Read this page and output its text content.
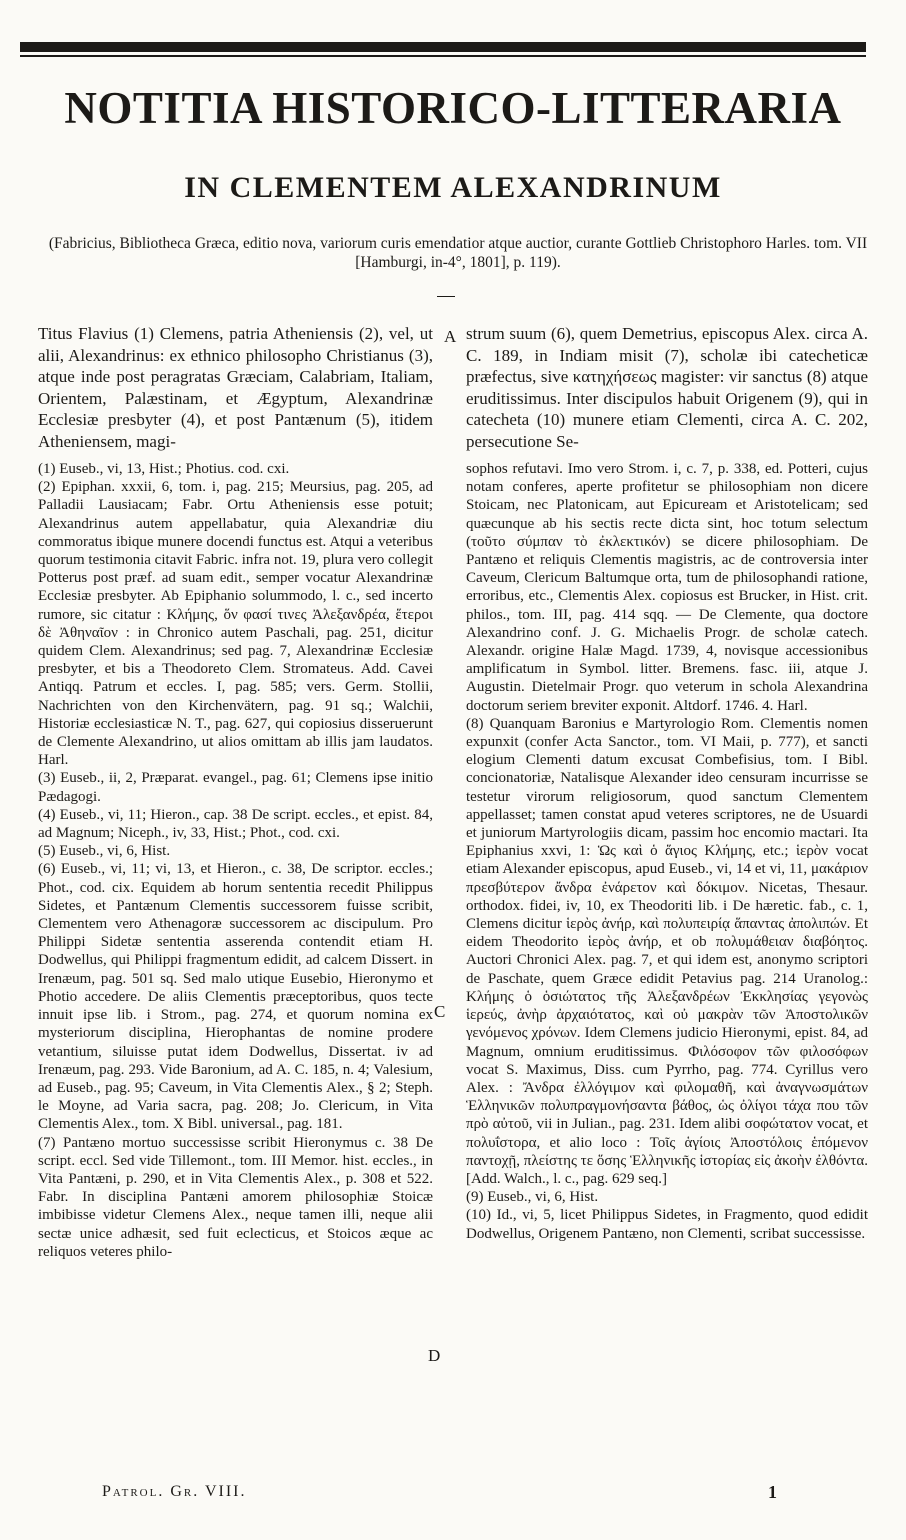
NOTITIA HISTORICO-LITTERARIA
IN CLEMENTEM ALEXANDRINUM
(Fabricius, Bibliotheca Græca, editio nova, variorum curis emendatior atque auctior, curante Gottlieb Christophoro Harles. tom. VII [Hamburgi, in-4°, 1801], p. 119).

Titus Flavius (1) Clemens, patria Atheniensis (2), vel, ut alii, Alexandrinus: ex ethnico philosopho Christianus (3), atque inde post peragratas Græciam, Calabriam, Italiam, Orientem, Palæstinam, et Ægyptum, Alexandrinæ Ecclesiæ presbyter (4), et post Pantænum (5), itidem Atheniensem, magi-

(1) Euseb., vi, 13, Hist.; Photius. cod. cxi.

(2) Epiphan. xxxii, 6, tom. i, pag. 215; Meursius, pag. 205, ad Palladii Lausiacam; Fabr. Ortu Atheniensis esse potuit; Alexandrinus autem appellabatur, quia Alexandriæ diu commoratus ibique munere docendi functus est. Atqui a veteribus quorum testimonia citavit Fabric. infra not. 19, plura vero collegit Potterus post præf. ad suam edit., semper vocatur Alexandrinæ Ecclesiæ presbyter. Ab Epiphanio solummodo, l. c., sed incerto rumore, sic citatur : Κλήμης, ὅν φασί τινες Ἀλεξανδρέα, ἕτεροι δὲ Ἀθηναῖον : in Chronico autem Paschali, pag. 251, dicitur quidem Clem. Alexandrinus; sed pag. 7, Alexandrinæ Ecclesiæ presbyter, et bis a Theodoreto Clem. Stromateus. Add. Cavei Antiqq. Patrum et eccles. I, pag. 585; vers. Germ. Stollii, Nachrichten von den Kirchenvätern, pag. 91 sq.; Walchii, Historiæ ecclesiasticæ N. T., pag. 627, qui copiosius disseruerunt de Clemente Alexandrino, ut alios omittam ab illis jam laudatos. Harl.

(3) Euseb., ii, 2, Præparat. evangel., pag. 61; Clemens ipse initio Pædagogi.

(4) Euseb., vi, 11; Hieron., cap. 38 De script. eccles., et epist. 84, ad Magnum; Niceph., iv, 33, Hist.; Phot., cod. cxi.

(5) Euseb., vi, 6, Hist.

(6) Euseb., vi, 11; vi, 13, et Hieron., c. 38, De scriptor. eccles.; Phot., cod. cix. Equidem ab horum sententia recedit Philippus Sidetes, et Pantænum Clementis successorem fuisse scribit, Clementem vero Athenagoræ successorem ac discipulum. Pro Philippi Sidetæ sententia asserenda contendit etiam H. Dodwellus, qui Philippi fragmentum edidit, ad calcem Dissert. in Irenæum, pag. 501 sq. Sed malo utique Eusebio, Hieronymo et Photio accedere. De aliis Clementis præceptoribus, quos tecte innuit ipse lib. i Strom., pag. 274, et quorum nomina ex mysteriorum disciplina, Hierophantas de nomine prodere vetantium, siluisse putat idem Dodwellus, Dissertat. iv ad Irenæum, pag. 293. Vide Baronium, ad A. C. 185, n. 4; Valesium, ad Euseb., pag. 95; Caveum, in Vita Clementis Alex., § 2; Steph. le Moyne, ad Varia sacra, pag. 208; Jo. Clericum, in Vita Clementis Alex., tom. X Bibl. universal., pag. 181.

(7) Pantæno mortuo successisse scribit Hieronymus c. 38 De script. eccl. Sed vide Tillemont., tom. III Memor. hist. eccles., in Vita Pantæni, p. 290, et in Vita Clementis Alex., p. 308 et 522. Fabr. In disciplina Pantæni amorem philosophiæ Stoicæ imbibisse videtur Clemens Alex., neque tamen illi, neque alii sectæ unice adhæsit, sed fuit eclecticus, et Stoicos æque ac reliquos veteres philo-

A
C
D

strum suum (6), quem Demetrius, episcopus Alex. circa A. C. 189, in Indiam misit (7), scholæ ibi catecheticæ præfectus, sive κατηχήσεως magister: vir sanctus (8) atque eruditissimus. Inter discipulos habuit Origenem (9), qui in catecheta (10) munere etiam Clementi, circa A. C. 202, persecutione Se-

sophos refutavi. Imo vero Strom. i, c. 7, p. 338, ed. Potteri, cujus notam conferes, aperte profitetur se philosophiam non dicere Stoicam, nec Platonicam, aut Epicuream et Aristotelicam; sed quæcunque ab his sectis recte dicta sint, hoc totum selectum (τοῦτο σύμπαν τὸ ἐκλεκτικόν) se dicere philosophiam. De Pantæno et reliquis Clementis magistris, ac de controversia inter Caveum, Clericum Baltumque orta, tum de philosophandi ratione, erroribus, etc., Clementis Alex. copiosus est Brucker, in Hist. crit. philos., tom. III, pag. 414 sqq. — De Clemente, qua doctore Alexandrino conf. J. G. Michaelis Progr. de scholæ catech. Alexandr. origine Halæ Magd. 1739, 4, novisque accessionibus amplificatum in Symbol. litter. Bremens. fasc. iii, atque J. Augustin. Dietelmair Progr. quo veterum in schola Alexandrina doctorum seriem breviter exponit. Altdorf. 1746. 4. Harl.

(8) Quanquam Baronius e Martyrologio Rom. Clementis nomen expunxit (confer Acta Sanctor., tom. VI Maii, p. 777), et sancti elogium Clementi datum excusat Combefisius, tom. I Bibl. concionatoriæ, Natalisque Alexander ideo censuram incurrisse se testetur virorum religiosorum, quod sanctum Clementem appellasset; tamen constat apud veteres scriptores, ne de Usuardi et juniorum Martyrologiis dicam, passim hoc encomio mactari. Ita Epiphanius xxvi, 1: Ὡς καὶ ὁ ἅγιος Κλήμης, etc.; ἱερὸν vocat etiam Alexander episcopus, apud Euseb., vi, 14 et vi, 11, μακάριον πρεσβύτερον ἄνδρα ἐνάρετον καὶ δόκιμον. Nicetas, Thesaur. orthodox. fidei, iv, 10, ex Theodoriti lib. i De hæretic. fab., c. 1, Clemens dicitur ἱερὸς ἀνήρ, καὶ πολυπειρίᾳ ἅπαντας ἀπολιπών. Et eidem Theodorito ἱερὸς ἀνήρ, et ob πολυμάθειαν διαβόητος. Auctori Chronici Alex. pag. 7, et qui idem est, anonymo scriptori de Paschate, quem Græce edidit Petavius pag. 214 Uranolog.: Κλήμης ὁ ὁσιώτατος τῆς Ἀλεξανδρέων Ἐκκλησίας γεγονὼς ἱερεύς, ἀνὴρ ἀρχαιότατος, καὶ οὐ μακρὰν τῶν Ἀποστολικῶν γενόμενος χρόνων. Idem Clemens judicio Hieronymi, epist. 84, ad Magnum, omnium eruditissimus. Φιλόσοφον τῶν φιλοσόφων vocat S. Maximus, Diss. cum Pyrrho, pag. 774. Cyrillus vero Alex. : Ἄνδρα ἐλλόγιμον καὶ φιλομαθῆ, καὶ ἀναγνωσμάτων Ἑλληνικῶν πολυπραγμονήσαντα βάθος, ὡς ὀλίγοι τάχα που τῶν πρὸ αὐτοῦ, vii in Julian., pag. 231. Idem alibi σοφώτατον vocat, et πολυΐστορα, et alio loco : Τοῖς ἁγίοις Ἀποστόλοις ἑπόμενον παντοχῇ, πλείστης τε ὅσης Ἑλληνικῆς ἱστορίας εἰς ἀκοὴν ἐλθόντα. [Add. Walch., l. c., pag. 629 seq.]

(9) Euseb., vi, 6, Hist.

(10) Id., vi, 5, licet Philippus Sidetes, in Fragmento, quod edidit Dodwellus, Origenem Pantæno, non Clementi, scribat successisse.

Patrol. Gr. VIII.	1
